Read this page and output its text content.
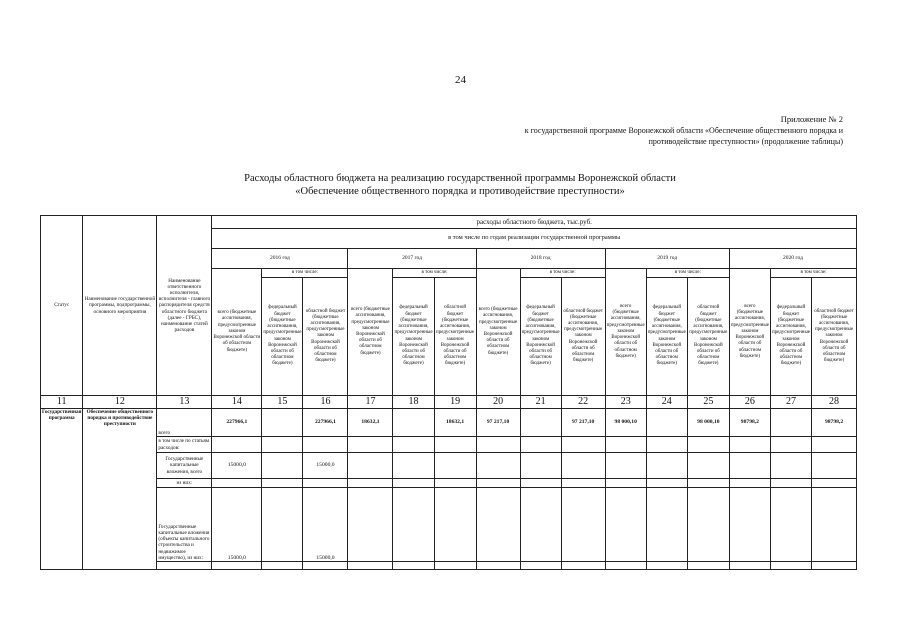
24
Приложение № 2
к государственной программе Воронежской области «Обеспечение общественного порядка и
противодействие преступности» (продолжение таблицы)
Расходы областного бюджета на реализацию государственной программы Воронежской области
«Обеспечение общественного порядка и противодействие преступности»
Статус	Наименование государственной программы, подпрограммы, основного мероприятия	Наименование ответственного исполнителя, исполнителя - главного распорядителя средств областного бюджета (далее - ГРБС), наименование статей расходов	расходы областного бюджета, тыс.руб.														
			в том числе по годам реализации государственной программы														
			2016 год			2017 год			2018 год			2019 год			2020 год		
			всего (бюджетные ассигнования, предусмотренные законом Воронежской области об областном бюджете)	в том числе:		всего (бюджетные ассигнования, предусмотренные законом Воронежской области об областном бюджете)	в том числе:		всего (бюджетные ассигнования, предусмотренные законом Воронежской области об областном бюджете)	в том числе:		всего (бюджетные ассигнования, предусмотренные законом Воронежской области об областном бюджете)	в том числе:		всего (бюджетные ассигнования, предусмотренные законом Воронежской области об областном бюджете)	в том числе:	
				федеральный бюджет (бюджетные ассигнования, предусмотренные законом Воронежской области об областном бюджете)	областной бюджет (бюджетные ассигнования, предусмотренные законом Воронежской области об областном бюджете)		федеральный бюджет (бюджетные ассигнования, предусмотренные законом Воронежской области об областном бюджете)	областной бюджет (бюджетные ассигнования, предусмотренные законом Воронежской области об областном бюджете)		федеральный бюджет (бюджетные ассигнования, предусмотренные законом Воронежской области об областном бюджете)	областной бюджет (бюджетные ассигнования, предусмотренные законом Воронежской области об областном бюджете)		федеральный бюджет (бюджетные ассигнования, предусмотренные законом Воронежской области об областном бюджете)	областной бюджет (бюджетные ассигнования, предусмотренные законом Воронежской области об областном бюджете)		федеральный бюджет (бюджетные ассигнования, предусмотренные законом Воронежской области об областном бюджете)	областной бюджет (бюджетные ассигнования, предусмотренные законом Воронежской области об областном бюджете)
11	12	13	14	15	16	17	18	19	20	21	22	23	24	25	26	27	28
Государственная программа	Обеспечение общественного порядка и противодействие преступности	всего	227966,1		227966,1	18632,1		18632,1	97 217,10		97 217,10	98 000,10		98 000,10	98798,2		98798,2
		в том числе по статьям расходов:															
		Государственные капитальные вложения, всего	15000,0		15000,0												
		из них:															
		Государственные капитальные вложения (объекты капитального строительства и недвижимое имущество), из них:	15000,0		15000,0												
